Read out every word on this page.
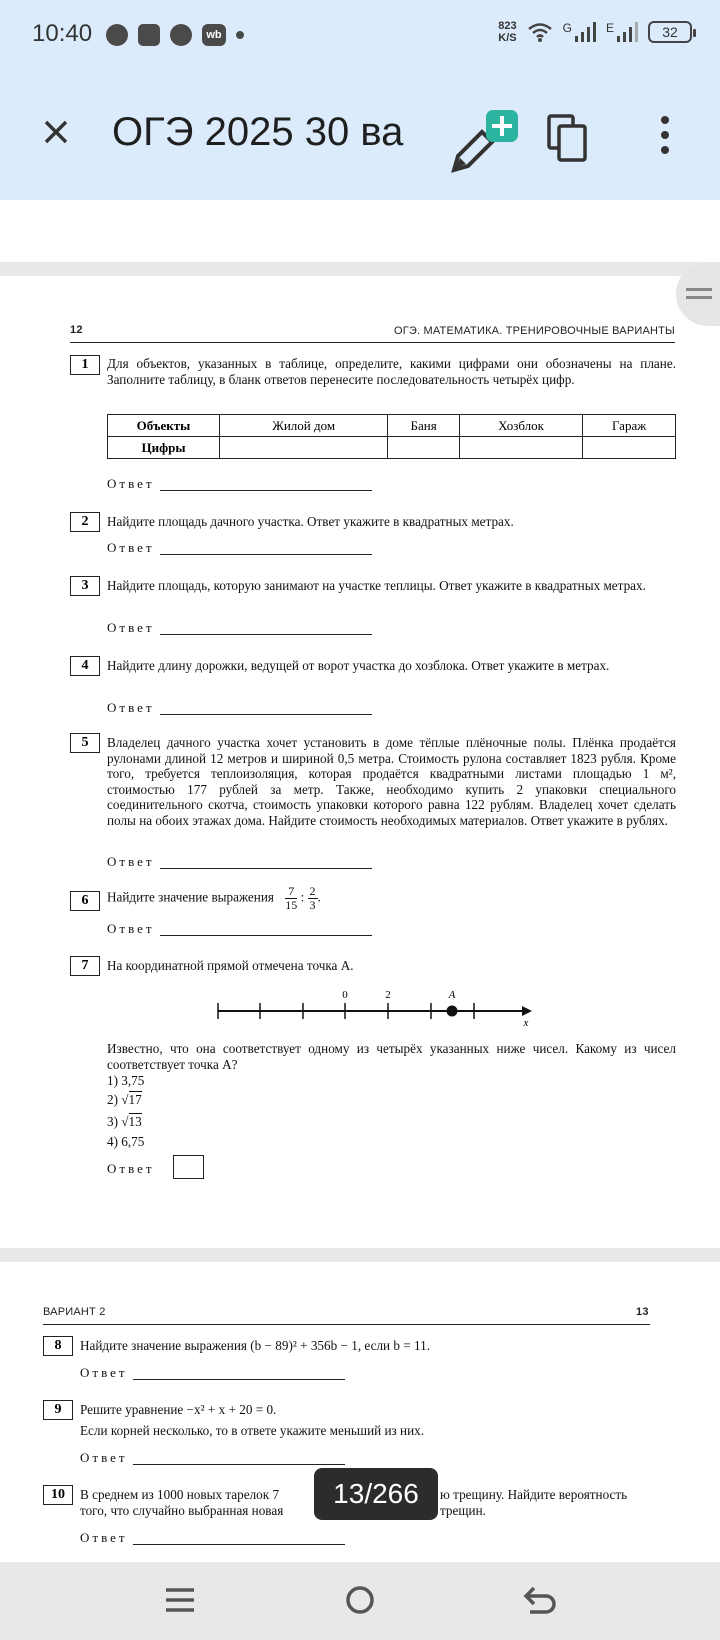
10:40	wb
823
K/S
G	E	32
ОГЭ 2025 30 ва
12	ОГЭ. МАТЕМАТИКА. ТРЕНИРОВОЧНЫЕ ВАРИАНТЫ
1	Для объектов, указанных в таблице, определите, какими цифрами они обозначены на плане. Заполните таблицу, в бланк ответов перенесите последовательность четырёх цифр.
Объекты	Жилой дом	Баня	Хозблок	Гараж
Цифры				
Ответ
2	Найдите площадь дачного участка. Ответ укажите в квадратных метрах.
Ответ
3	Найдите площадь, которую занимают на участке теплицы. Ответ укажите в квадратных метрах.
Ответ
4	Найдите длину дорожки, ведущей от ворот участка до хозблока. Ответ укажите в метрах.
Ответ
5	Владелец дачного участка хочет установить в доме тёплые плёночные полы. Плёнка продаётся рулонами длиной 12 метров и шириной 0,5 метра. Стоимость рулона составляет 1823 рубля. Кроме того, требуется теплоизоляция, которая продаётся квадратными листами площадью 1 м², стоимостью 177 рублей за метр. Также, необходимо купить 2 упаковки специального соединительного скотча, стоимость упаковки которого равна 122 рублям. Владелец хочет сделать полы на обоих этажах дома. Найдите стоимость необходимых материалов. Ответ укажите в рублях.
Ответ
6	Найдите значение выражения $\frac{7}{15}$ : $\frac{2}{3}$ .
Ответ
7	На координатной прямой отмечена точка A.
0	2	A
x
Известно, что она соответствует одному из четырёх указанных ниже чисел. Какому из чисел соответствует точка A?
1) 3,75
2) √17
3) √13
4) 6,75
Ответ
ВАРИАНТ 2	13
8	Найдите значение выражения (b − 89)² + 356b − 1, если b = 11.
Ответ
9	Решите уравнение −x² + x + 20 = 0.
Если корней несколько, то в ответе укажите меньший из них.
Ответ
10	В среднем из 1000 новых тарелок 7	ю трещину. Найдите вероятность
того, что случайно выбранная новая	трещин.
Ответ
13/266
